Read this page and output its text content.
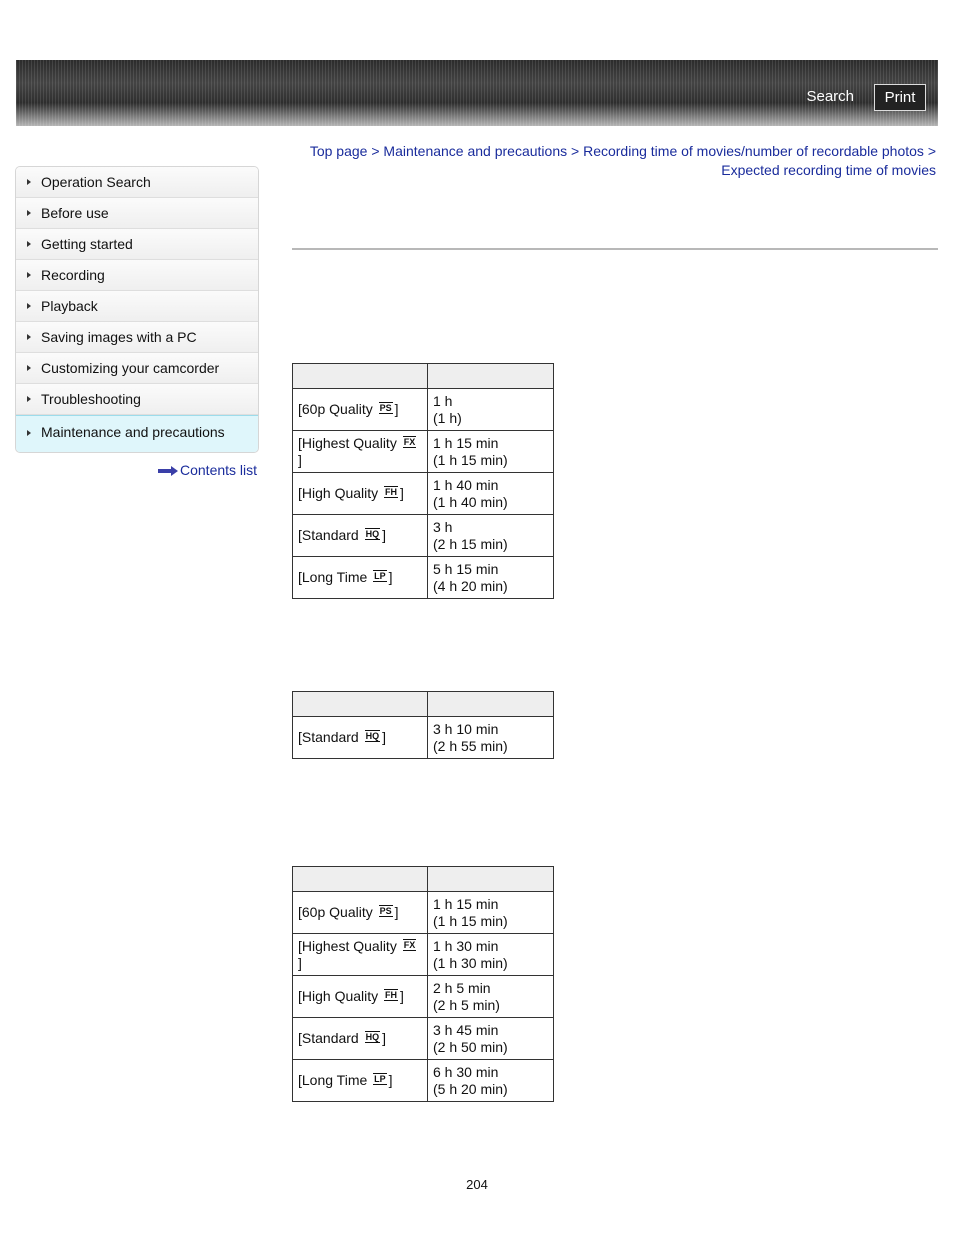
Search	Print
Operation Search
Before use
Getting started
Recording
Playback
Saving images with a PC
Customizing your camcorder
Troubleshooting
Maintenance and precautions
Contents list
Top page > Maintenance and precautions > Recording time of movies/number of recordable photos > Expected recording time of movies

[60p Quality PS ]	1 h
(1 h)
[Highest Quality FX]	1 h 15 min
(1 h 15 min)
[High Quality FH ]	1 h 40 min
(1 h 40 min)
[Standard HQ ]	3 h
(2 h 15 min)
[Long Time LP ]	5 h 15 min
(4 h 20 min)

[Standard HQ ]	3 h 10 min
(2 h 55 min)

[60p Quality PS ]	1 h 15 min
(1 h 15 min)
[Highest Quality FX]	1 h 30 min
(1 h 30 min)
[High Quality FH ]	2 h 5 min
(2 h 5 min)
[Standard HQ ]	3 h 45 min
(2 h 50 min)
[Long Time LP ]	6 h 30 min
(5 h 20 min)
204
